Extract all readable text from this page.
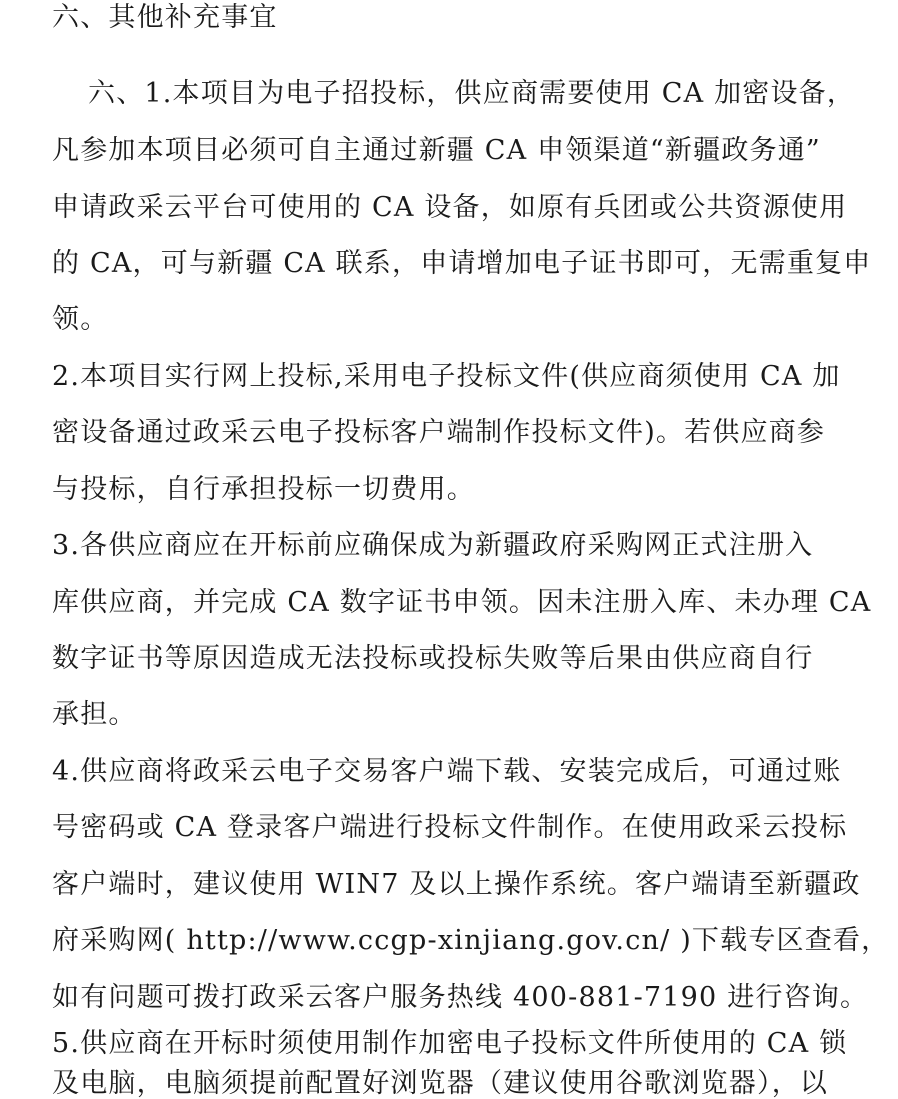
六、其他补充事宜
六、1.本项目为电子招投标，供应商需要使用 CA 加密设备，
凡参加本项目必须可自主通过新疆 CA 申领渠道“新疆政务通”
申请政采云平台可使用的 CA 设备，如原有兵团或公共资源使用
的 CA，可与新疆 CA 联系，申请增加电子证书即可，无需重复申
领。
2.本项目实行网上投标,采用电子投标文件(供应商须使用 CA 加
密设备通过政采云电子投标客户端制作投标文件)。若供应商参
与投标，自行承担投标一切费用。
3.各供应商应在开标前应确保成为新疆政府采购网正式注册入
库供应商，并完成 CA 数字证书申领。因未注册入库、未办理 CA
数字证书等原因造成无法投标或投标失败等后果由供应商自行
承担。
4.供应商将政采云电子交易客户端下载、安装完成后，可通过账
号密码或 CA 登录客户端进行投标文件制作。在使用政采云投标
客户端时，建议使用 WIN7 及以上操作系统。客户端请至新疆政
府采购网( http://www.ccgp-xinjiang.gov.cn/ )下载专区查看，
如有问题可拨打政采云客户服务热线 400-881-7190 进行咨询。
5.供应商在开标时须使用制作加密电子投标文件所使用的 CA 锁
及电脑，电脑须提前配置好浏览器（建议使用谷歌浏览器），以
